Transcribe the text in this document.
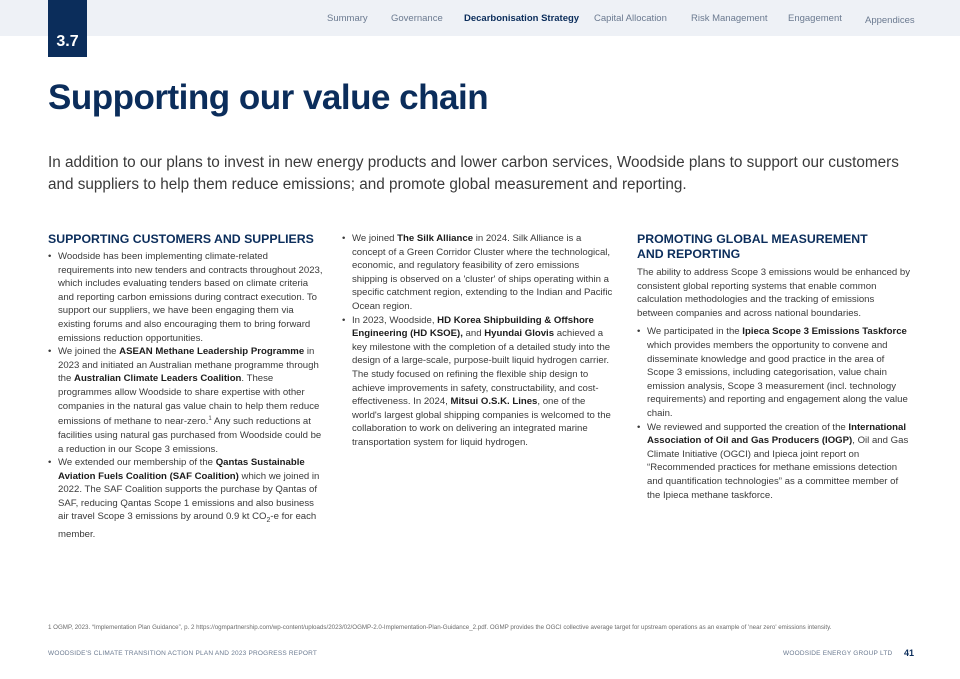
3.7
Summary Governance Decarbonisation Strategy Capital Allocation	Risk Management Engagement Appendices
Supporting our value chain

In addition to our plans to invest in new energy products and lower carbon services, Woodside plans to support our customers and suppliers to help them reduce emissions; and promote global measurement and reporting.

SUPPORTING CUSTOMERS AND SUPPLIERS
• Woodside has been implementing climate-related requirements into new tenders and contracts throughout 2023, which includes evaluating tenders based on climate criteria and reporting carbon emissions during contract execution. To support our suppliers, we have been engaging them via existing forums and also encouraging them to bring forward emissions reduction opportunities.
• We joined the ASEAN Methane Leadership Programme in 2023 and initiated an Australian methane programme through the Australian Climate Leaders Coalition. These programmes allow Woodside to share expertise with other companies in the natural gas value chain to help them reduce emissions of methane to near-zero.$^1$ Any such reductions at facilities using natural gas purchased from Woodside could be a reduction in our Scope 3 emissions.
• We extended our membership of the Qantas Sustainable Aviation Fuels Coalition (SAF Coalition) which we joined in 2022. The SAF Coalition supports the purchase by Qantas of SAF, reducing Qantas Scope 1 emissions and also business air travel Scope 3 emissions by around 0.9 kt $CO_2-e$ for each member.
• We joined The Silk Alliance in 2024. Silk Alliance is a concept of a Green Corridor Cluster where the technological, economic, and regulatory feasibility of zero emissions shipping is observed on a 'cluster' of ships operating within a specific catchment region, extending to the Indian and Pacific Ocean region.
• In 2023, Woodside, HD Korea Shipbuilding & Offshore Engineering (HD KSOE), and Hyundai Glovis achieved a key milestone with the completion of a detailed study into the design of a large-scale, purpose-built liquid hydrogen carrier. The study focused on refining the flexible ship design to achieve improvements in safety, constructability, and cost-effectiveness. In 2024, Mitsui O.S.K. Lines, one of the world's largest global shipping companies is welcomed to the collaboration to work on delivering an integrated marine transportation system for liquid hydrogen.
PROMOTING GLOBAL MEASUREMENT
AND REPORTING

The ability to address Scope 3 emissions would be enhanced by consistent global reporting systems that enable common calculation methodologies and the tracking of emissions between companies and across national boundaries.

• We participated in the Ipieca Scope 3 Emissions Taskforce which provides members the opportunity to convene and disseminate knowledge and good practice in the area of Scope 3 emissions, including categorisation, value chain emission analysis, Scope 3 measurement (incl. technology requirements) and reporting and engagement along the value chain.
• We reviewed and supported the creation of the International Association of Oil and Gas Producers (IOGP), Oil and Gas Climate Initiative (OGCI) and Ipieca joint report on “Recommended practices for methane emissions detection and quantification technologies” as a committee member of the Ipieca methane taskforce.
1 OGMP, 2023. “Implementation Plan Guidance”, p. 2 https://ogmpartnership.com/wp-content/uploads/2023/02/OGMP-2.0-Implementation-Plan-Guidance_2.pdf. OGMP provides the OGCI collective average target for upstream operations as an example of 'near zero' emissions intensity.
WOODSIDE'S CLIMATE TRANSITION ACTION PLAN AND 2023 PROGRESS REPORT	WOODSIDE ENERGY GROUP LTD 41
